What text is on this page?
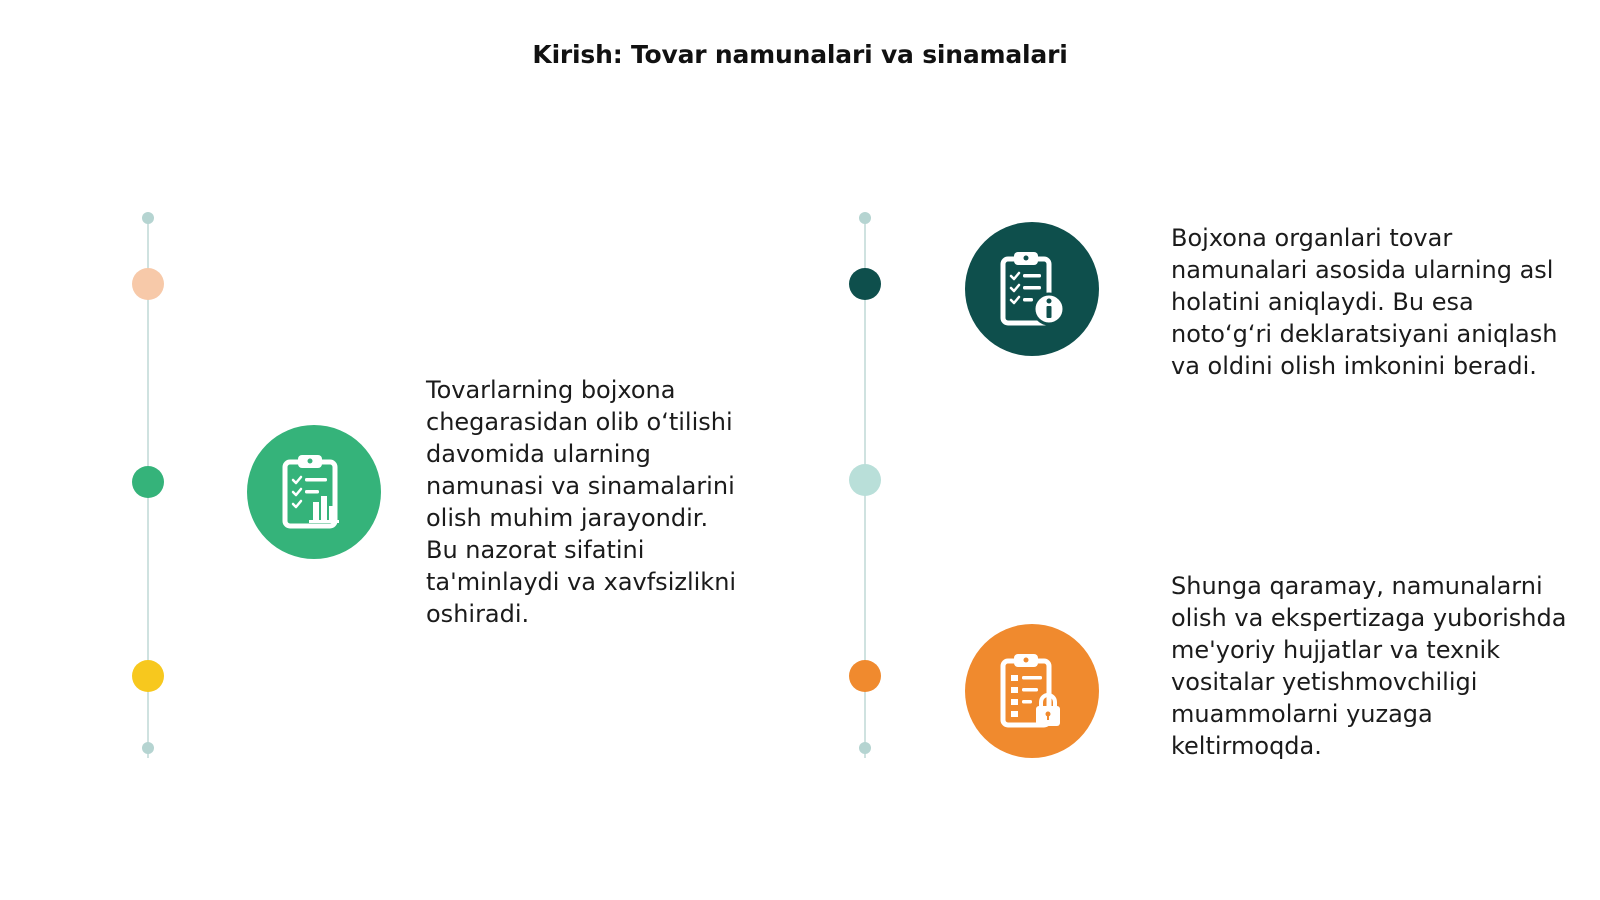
Kirish: Tovar namunalari va sinamalari
Tovarlarning bojxona chegarasidan olib o‘tilishi davomida ularning namunasi va sinamalarini olish muhim jarayondir. Bu nazorat sifatini ta'minlaydi va xavfsizlikni oshiradi.
Bojxona organlari tovar namunalari asosida ularning asl holatini aniqlaydi. Bu esa noto‘g‘ri deklaratsiyani aniqlash va oldini olish imkonini beradi.
Shunga qaramay, namunalarni olish va ekspertizaga yuborishda me'yoriy hujjatlar va texnik vositalar yetishmovchiligi muammolarni yuzaga keltirmoqda.
